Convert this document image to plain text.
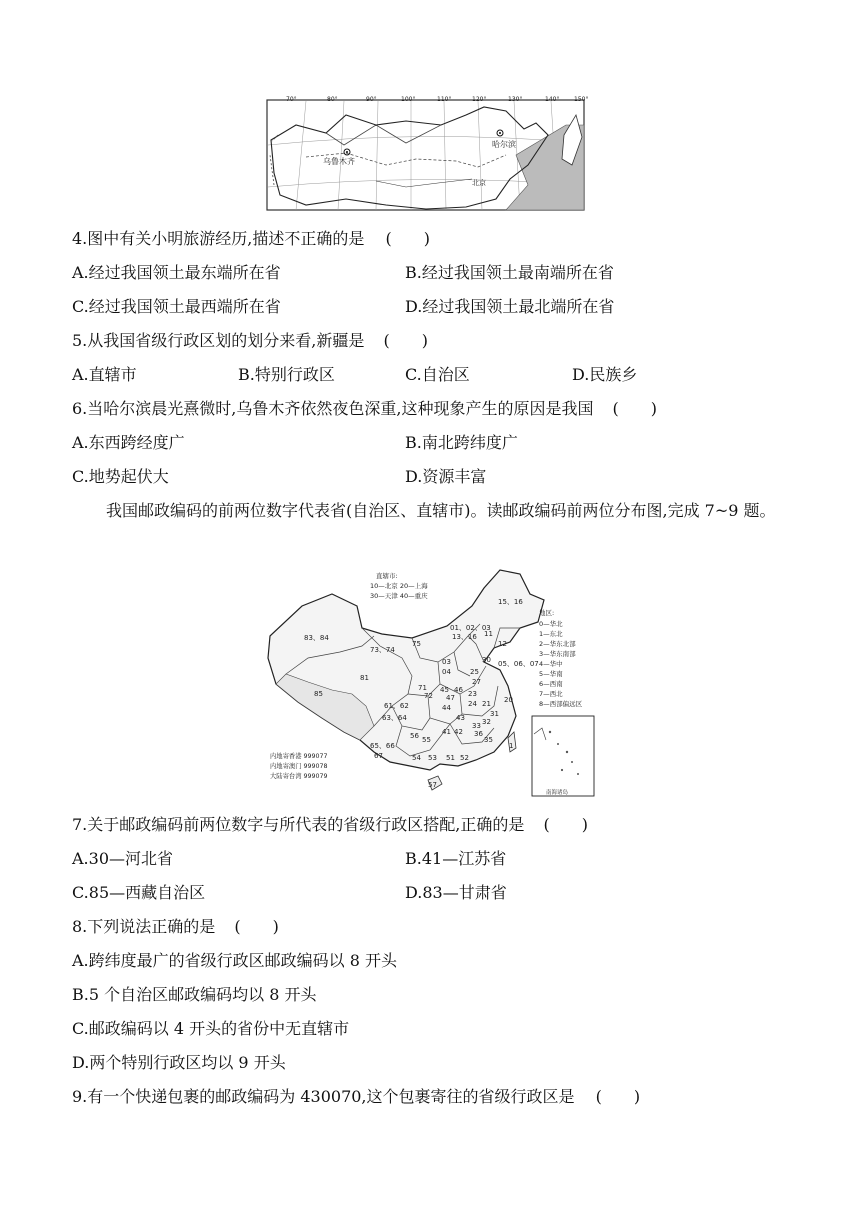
70°	80°	90°	100°	110°	120°	130°	140° 150°
乌鲁木齐
哈尔滨
北京
4.图中有关小明旅游经历,描述不正确的是 (　　)
A.经过我国领土最东端所在省	B.经过我国领土最南端所在省
C.经过我国领土最西端所在省	D.经过我国领土最北端所在省
5.从我国省级行政区划的划分来看,新疆是 (　　)
A.直辖市	B.特别行政区	C.自治区	D.民族乡
6.当哈尔滨晨光熹微时,乌鲁木齐依然夜色深重,这种现象产生的原因是我国 (　　)
A.东西跨经度广	B.南北跨纬度广
C.地势起伏大	D.资源丰富
我国邮政编码的前两位数字代表省(自治区、直辖市)。读邮政编码前两位分布图,完成 7~9 题。
南海诸岛
直辖市:
10—北京 20—上海
30—天津 40—重庆
地区:
0—华北
1—东北
2—华东北部
3—华东南部
4—华中
5—华南
6—西南
7—西北
8—西部偏远区
内地寄香港 999077
内地寄澳门 999078
大陆寄台湾 999079
83、84
85
81
73、74
75
15、16
01、02、03
13、16 11
12
05、06、07
30
03
04
71
72
45 46
47
25
27
23
24 21 20
61、62
63、64	43
44
33 32
31
35
36
41 42
65、66
55
56
53
54	51 52
67
57
1
7.关于邮政编码前两位数字与所代表的省级行政区搭配,正确的是 (　　)
A.30—河北省	B.41—江苏省
C.85—西藏自治区	D.83—甘肃省
8.下列说法正确的是 (　　)
A.跨纬度最广的省级行政区邮政编码以 8 开头
B.5 个自治区邮政编码均以 8 开头
C.邮政编码以 4 开头的省份中无直辖市
D.两个特别行政区均以 9 开头
9.有一个快递包裹的邮政编码为 430070,这个包裹寄往的省级行政区是 (　　)
